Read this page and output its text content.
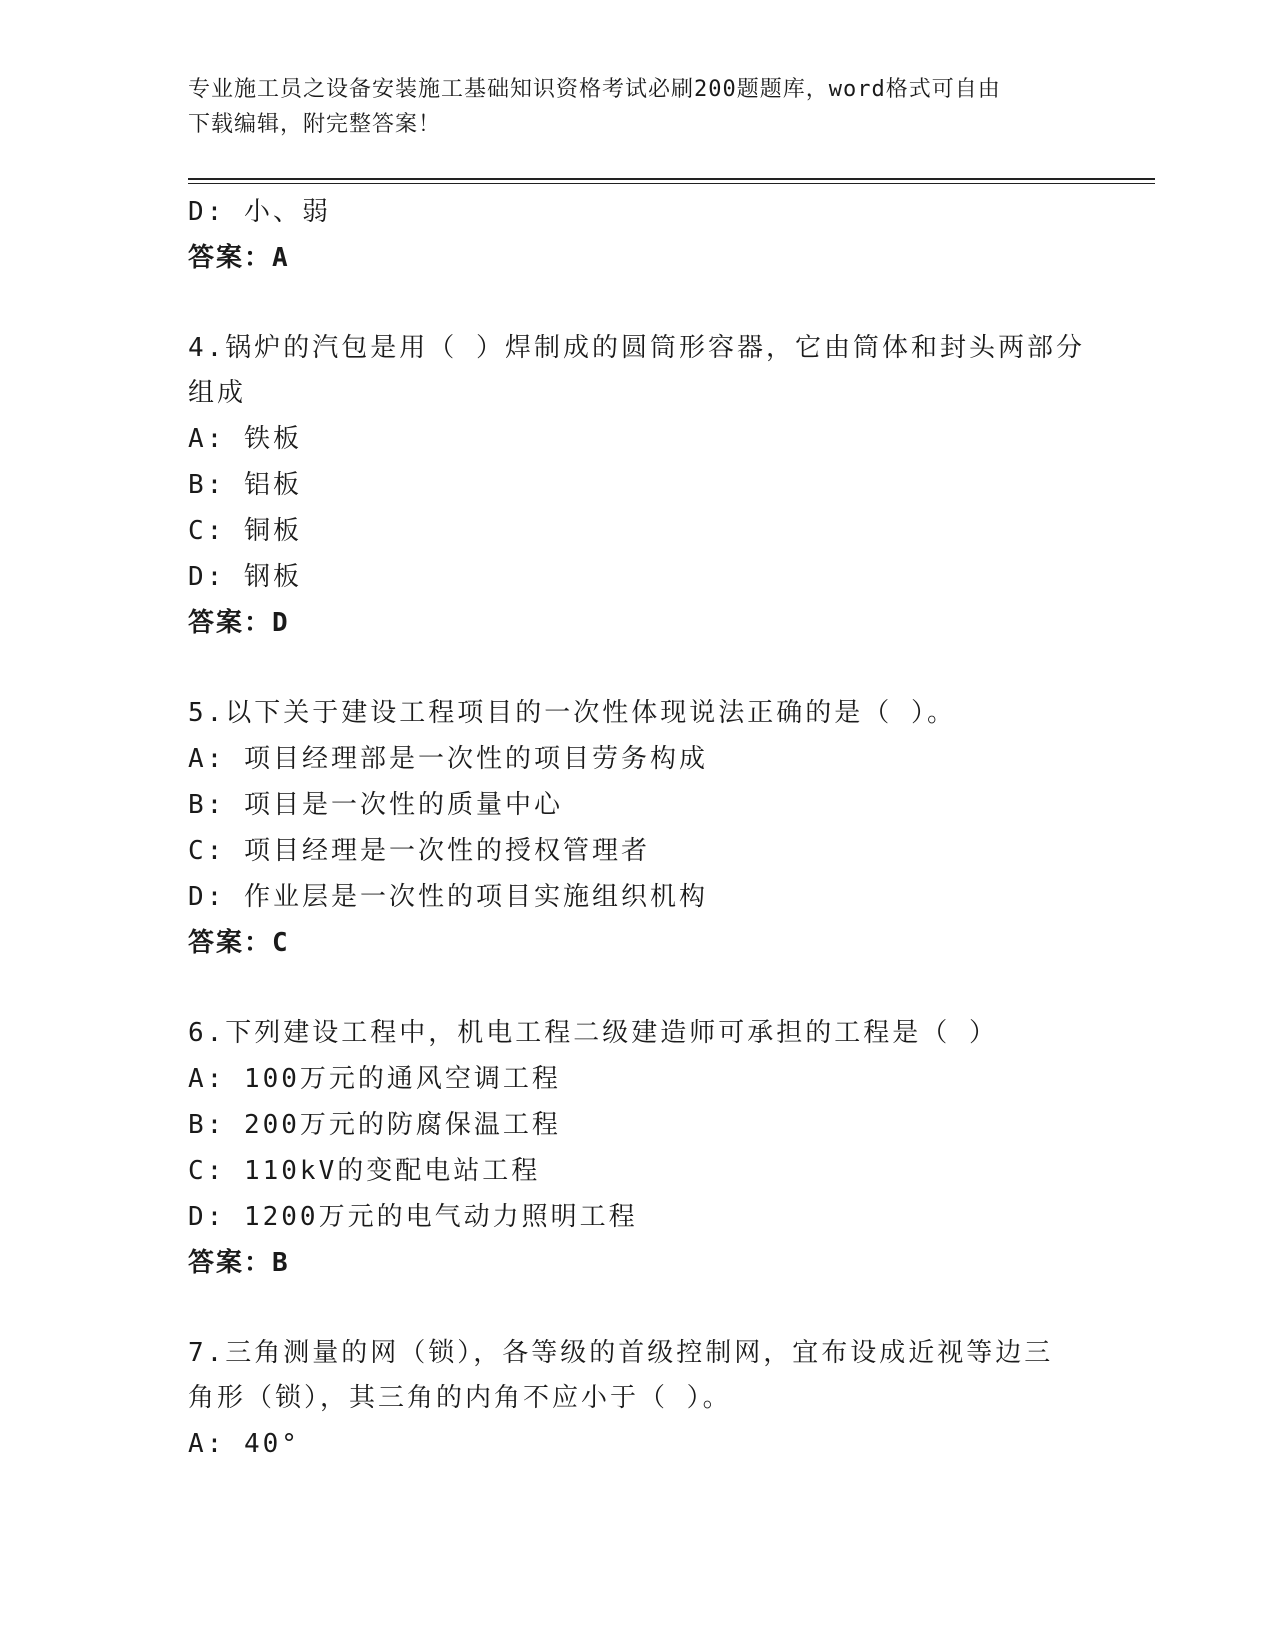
专业施工员之设备安装施工基础知识资格考试必刷200题题库，word格式可自由
下载编辑，附完整答案！
D: 小、弱
答案：A
4.锅炉的汽包是用（ ）焊制成的圆筒形容器，它由筒体和封头两部分
组成
A: 铁板
B: 铝板
C: 铜板
D: 钢板
答案：D
5.以下关于建设工程项目的一次性体现说法正确的是（ ）。
A: 项目经理部是一次性的项目劳务构成
B: 项目是一次性的质量中心
C: 项目经理是一次性的授权管理者
D: 作业层是一次性的项目实施组织机构
答案：C
6.下列建设工程中，机电工程二级建造师可承担的工程是（ ）
A: 100万元的通风空调工程
B: 200万元的防腐保温工程
C: 110kV的变配电站工程
D: 1200万元的电气动力照明工程
答案：B
7.三角测量的网（锁），各等级的首级控制网，宜布设成近视等边三
角形（锁），其三角的内角不应小于（ ）。
A: 40°
